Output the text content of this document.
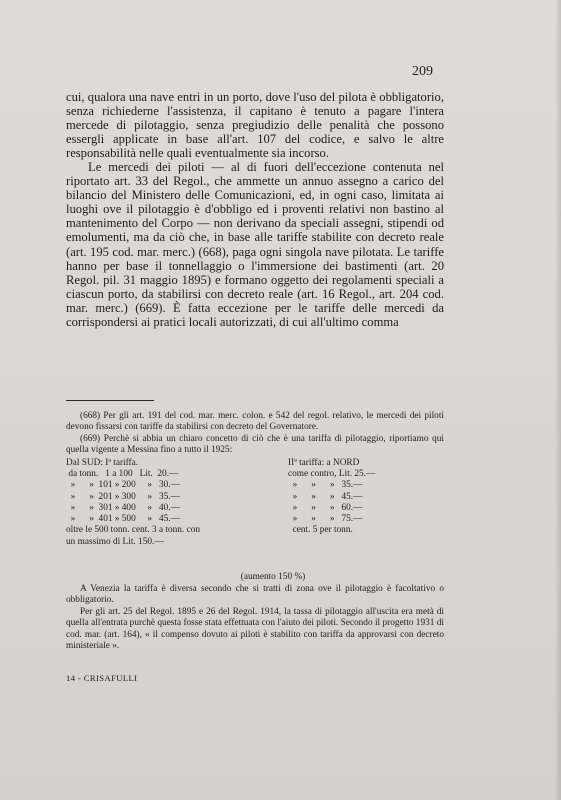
209

cui, qualora una nave entri in un porto, dove l'uso del pilota è obbligatorio, senza richiederne l'assistenza, il capitano è tenuto a pagare l'intera mercede di pilotaggio, senza pregiudizio delle penalità che possono essergli applicate in base all'art. 107 del codice, e salvo le altre responsabilità nelle quali eventualmente sia incorso.

Le mercedi dei piloti — al di fuori dell'eccezione contenuta nel riportato art. 33 del Regol., che ammette un annuo assegno a carico del bilancio del Ministero delle Comunicazioni, ed, in ogni caso, limitata ai luoghi ove il pilotaggio è d'obbligo ed i proventi relativi non bastino al mantenimento del Corpo — non derivano da speciali assegni, stipendi od emolumenti, ma da ciò che, in base alle tariffe stabilite con decreto reale (art. 195 cod. mar. merc.) (668), paga ogni singola nave pilotata. Le tariffe hanno per base il tonnellaggio o l'immersione dei bastimenti (art. 20 Regol. pil. 31 maggio 1895) e formano oggetto dei regolamenti speciali a ciascun porto, da stabilirsi con decreto reale (art. 16 Regol., art. 204 cod. mar. merc.) (669). È fatta eccezione per le tariffe delle mercedi da corrispondersi ai pratici locali autorizzati, di cui all'ultimo comma

(668) Per gli art. 191 del cod. mar. merc. colon. e 542 del regol. relativo, le mercedi dei piloti devono fissarsi con tariffe da stabilirsi con decreto del Governatore.

(669) Perchè si abbia un chiaro concetto di ciò che è una tariffa di pilotaggio, riportiamo qui quella vigente a Messina fino a tutto il 1925:

Dal SUD: Iª tariffa.
da tonn.   1 a 100   Lit.  20.—
»      »  101 » 200     »   30.—
»      »  201 » 300     »   35.—
»      »  301 » 400     »   40.—
»      »  401 » 500     »   45.—
oltre le 500 tonn. cent. 3 a tonn. con
un massimo di Lit. 150.—
IIª tariffa: a NORD
come contro, Lit. 25.—
»      »      »   35.—
»      »      »   45.—
»      »      »   60.—
»      »      »   75.—
cent. 5 per tonn.
(aumento 150 %)

A Venezia la tariffa è diversa secondo che si tratti di zona ove il pilotaggio è facoltativo o obbligatorio.

Per gli art. 25 del Regol. 1895 e 26 del Regol. 1914, la tassa di pilotaggio all'uscita era metà di quella all'entrata purchè questa fosse stata effettuata con l'aiuto dei piloti. Secondo il progetto 1931 di cod. mar. (art. 164), « il compenso dovuto ai piloti è stabilito con tariffa da approvarsi con decreto ministeriale ».

14 - CRISAFULLI
